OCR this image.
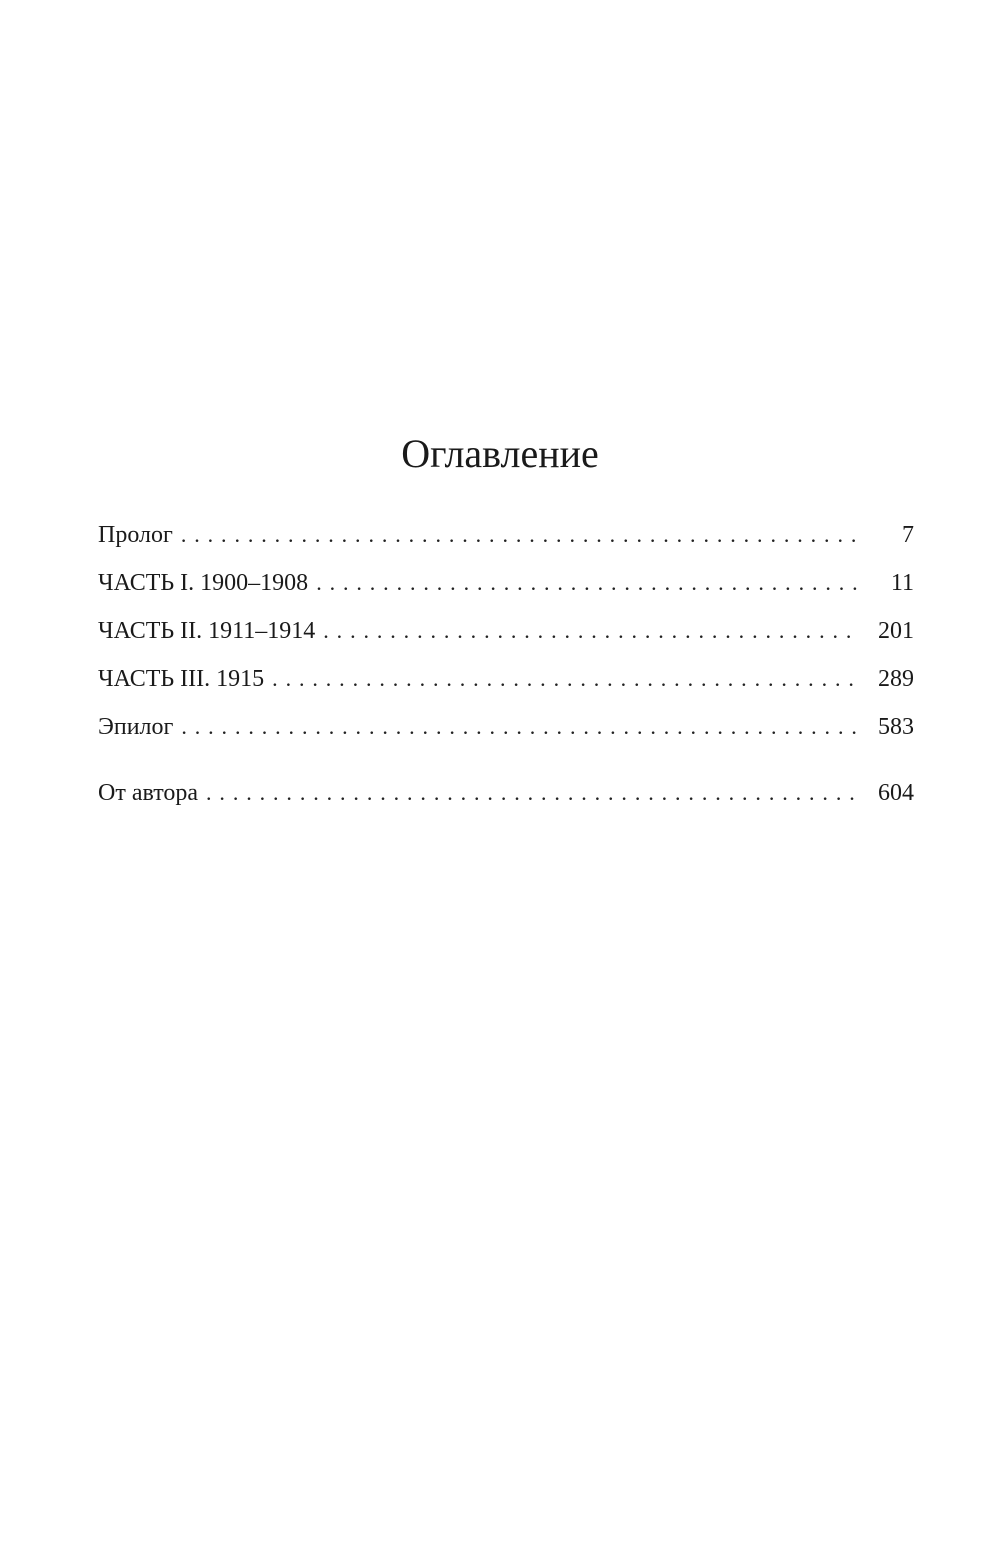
Оглавление
Пролог . . .	7
ЧАСТЬ I. 1900–1908 . . .	11
ЧАСТЬ II. 1911–1914 . . .	201
ЧАСТЬ III. 1915 . . .	289
Эпилог . . .	583
От автора . . .	604
